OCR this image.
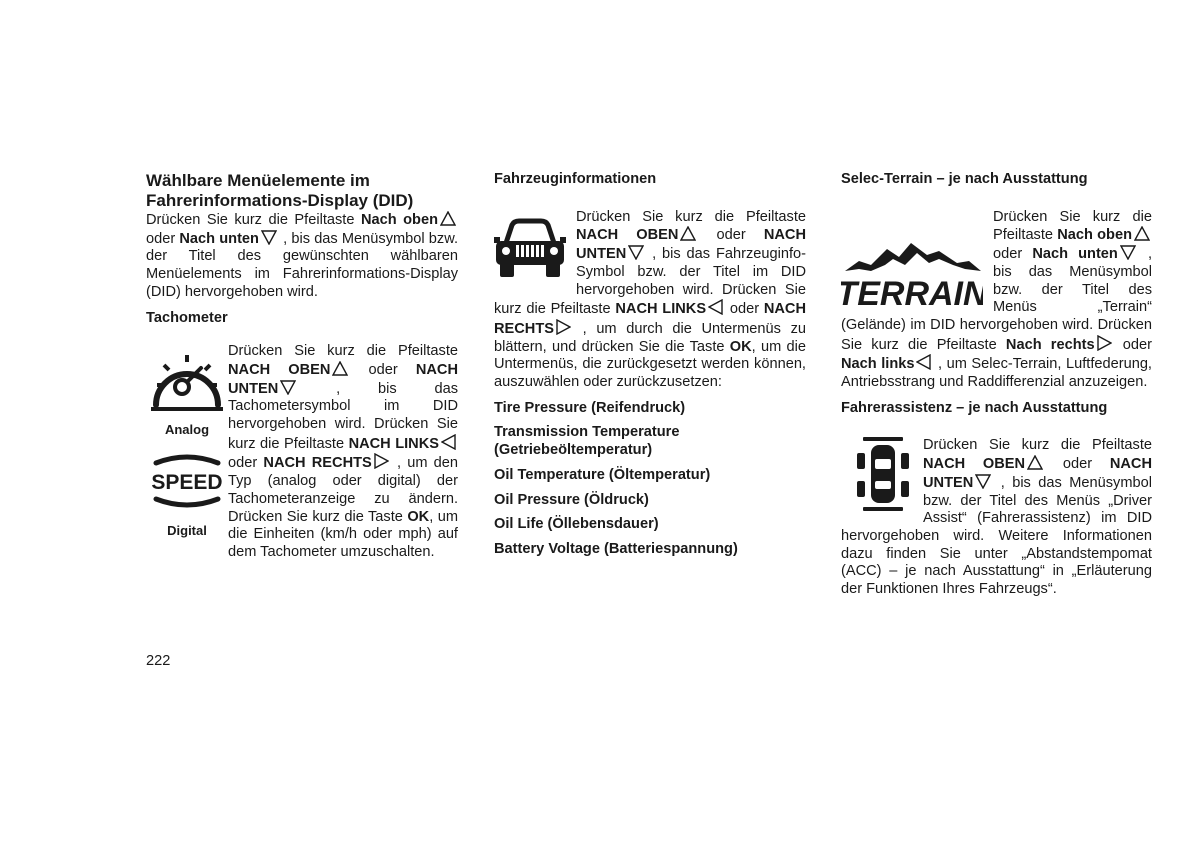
Wählbare Menüelemente im Fahrerinformations-Display (DID)

Drücken Sie kurz die Pfeiltaste Nach oben
oder Nach unten
, bis das Menüsymbol bzw. der Titel des gewünschten wählbaren Menüelements im Fahrerinformations-Display (DID) hervorgehoben wird.

Tachometer
Analog
SPEED
Digital

Drücken Sie kurz die Pfeiltaste NACH OBEN
oder NACH UNTEN
, bis das Tachometersymbol im DID hervorgehoben wird. Drücken Sie kurz die Pfeiltaste NACH LINKS
oder NACH RECHTS
, um den Typ (analog oder digital) der Tachometeranzeige zu ändern. Drücken Sie kurz die Taste OK, um die Einheiten (km/h oder mph) auf dem Tachometer umzuschalten.

Fahrzeuginformationen

Drücken Sie kurz die Pfeiltaste NACH OBEN
oder NACH UNTEN
, bis das Fahrzeuginfo-Symbol bzw. der Titel im DID hervorgehoben wird. Drücken Sie kurz die Pfeiltaste NACH LINKS
oder NACH RECHTS
, um durch die Untermenüs zu blättern, und drücken Sie die Taste OK, um die Untermenüs, die zurückgesetzt werden können, auszuwählen oder zurückzusetzen:

Tire Pressure (Reifendruck)
Transmission Temperature (Getriebeöltemperatur)
Oil Temperature (Öltemperatur)
Oil Pressure (Öldruck)
Oil Life (Öllebensdauer)
Battery Voltage (Batteriespannung)
Selec-Terrain – je nach Ausstattung
TERRAIN

Drücken Sie kurz die Pfeiltaste Nach oben
oder Nach unten
, bis das Menüsymbol bzw. der Titel des Menüs „Terrain“ (Gelände) im DID hervorgehoben wird. Drücken Sie kurz die Pfeiltaste Nach rechts
oder Nach links
, um Selec-Terrain, Luftfederung, Antriebsstrang und Raddifferenzial anzuzeigen.

Fahrerassistenz – je nach Ausstattung

Drücken Sie kurz die Pfeiltaste NACH OBEN
oder NACH UNTEN
, bis das Menüsymbol bzw. der Titel des Menüs „Driver Assist“ (Fahrerassistenz) im DID hervorgehoben wird. Weitere Informationen dazu finden Sie unter „Abstandstempomat (ACC) – je nach Ausstattung“ in „Erläuterung der Funktionen Ihres Fahrzeugs“.

222
